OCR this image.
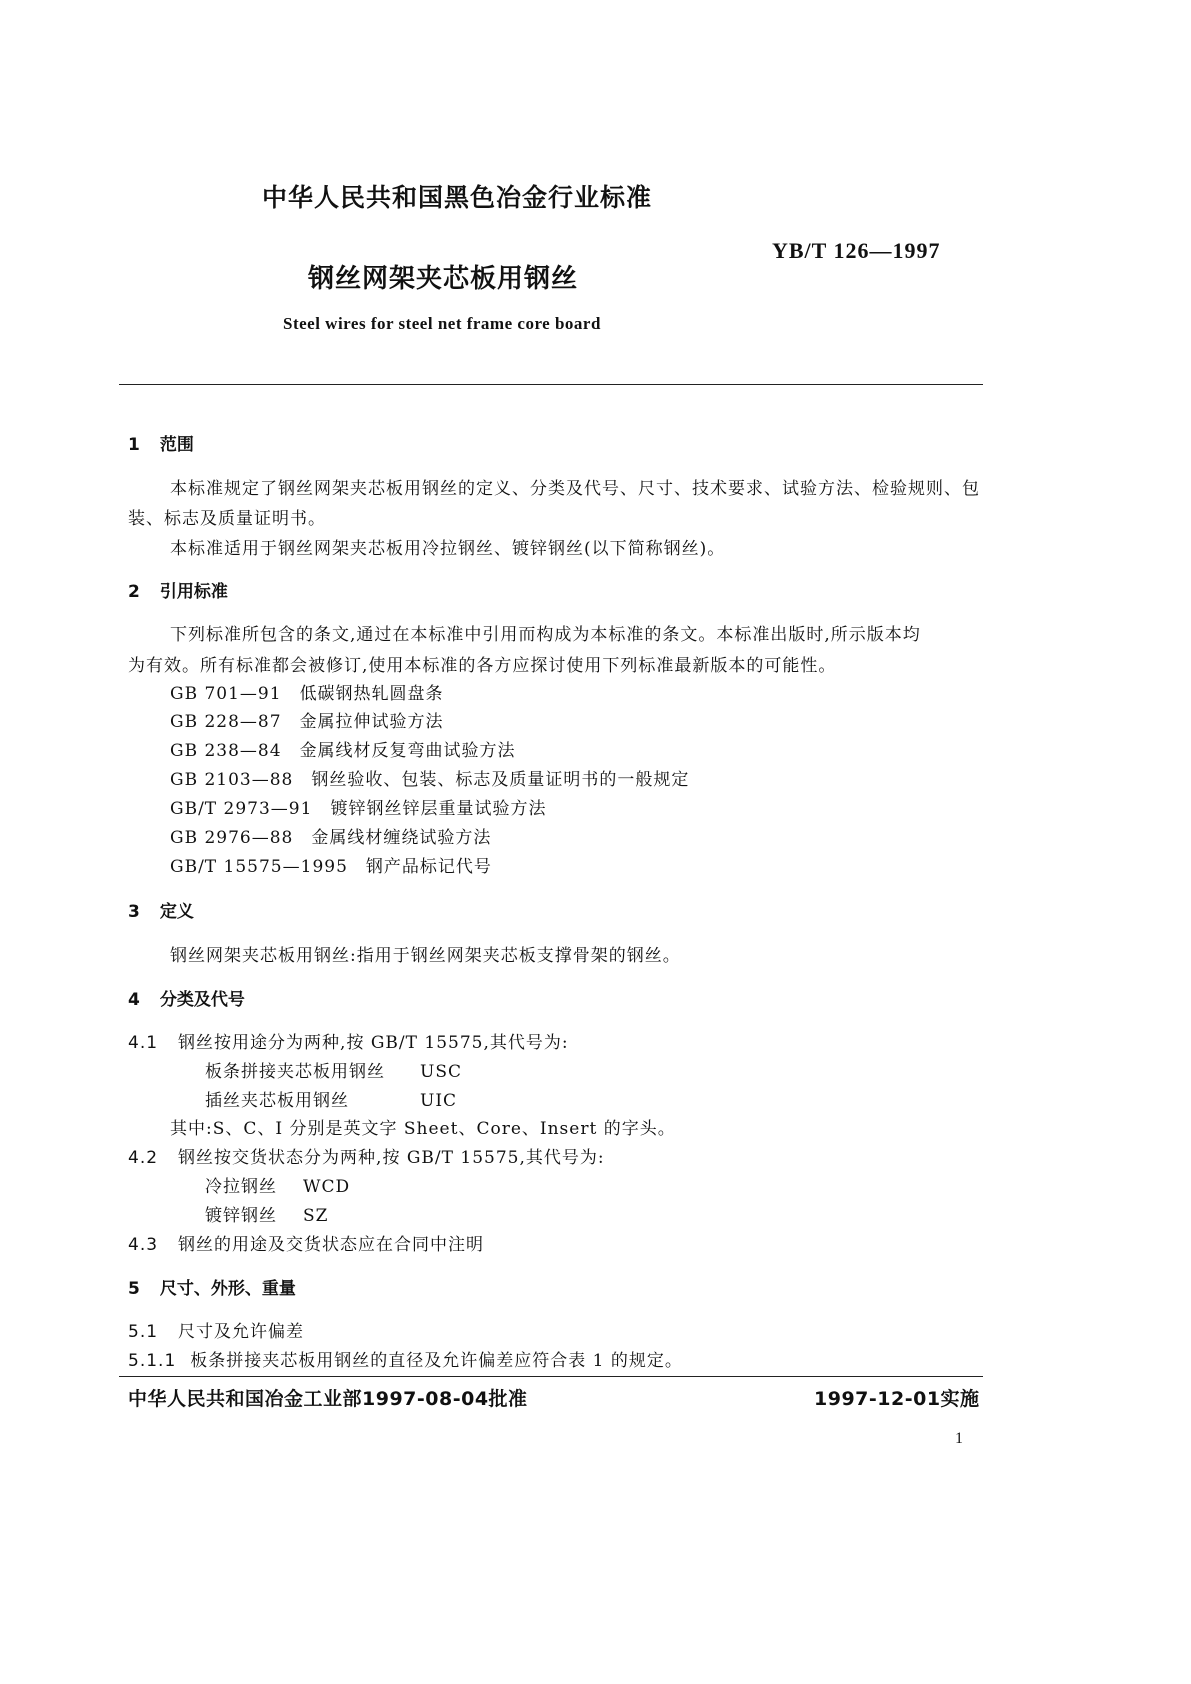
中华人民共和国黑色冶金行业标准
YB/T 126—1997
钢丝网架夹芯板用钢丝
Steel wires for steel net frame core board
1 范围
本标准规定了钢丝网架夹芯板用钢丝的定义、分类及代号、尺寸、技术要求、试验方法、检验规则、包
装、标志及质量证明书。
本标准适用于钢丝网架夹芯板用冷拉钢丝、镀锌钢丝(以下简称钢丝)。
2 引用标准
下列标准所包含的条文,通过在本标准中引用而构成为本标准的条文。本标准出版时,所示版本均
为有效。所有标准都会被修订,使用本标准的各方应探讨使用下列标准最新版本的可能性。
GB 701—91 低碳钢热轧圆盘条
GB 228—87 金属拉伸试验方法
GB 238—84 金属线材反复弯曲试验方法
GB 2103—88 钢丝验收、包装、标志及质量证明书的一般规定
GB/T 2973—91 镀锌钢丝锌层重量试验方法
GB 2976—88 金属线材缠绕试验方法
GB/T 15575—1995 钢产品标记代号
3 定义
钢丝网架夹芯板用钢丝:指用于钢丝网架夹芯板支撑骨架的钢丝。
4 分类及代号
4.1 钢丝按用途分为两种,按 GB/T 15575,其代号为:
板条拼接夹芯板用钢丝 USC
插丝夹芯板用钢丝	UIC
其中:S、C、I 分别是英文字 Sheet、Core、Insert 的字头。
4.2 钢丝按交货状态分为两种,按 GB/T 15575,其代号为:
冷拉钢丝 WCD
镀锌钢丝 SZ
4.3 钢丝的用途及交货状态应在合同中注明
5 尺寸、外形、重量
5.1 尺寸及允许偏差
5.1.1 板条拼接夹芯板用钢丝的直径及允许偏差应符合表 1 的规定。
中华人民共和国冶金工业部1997-08-04批准	1997-12-01实施
1
